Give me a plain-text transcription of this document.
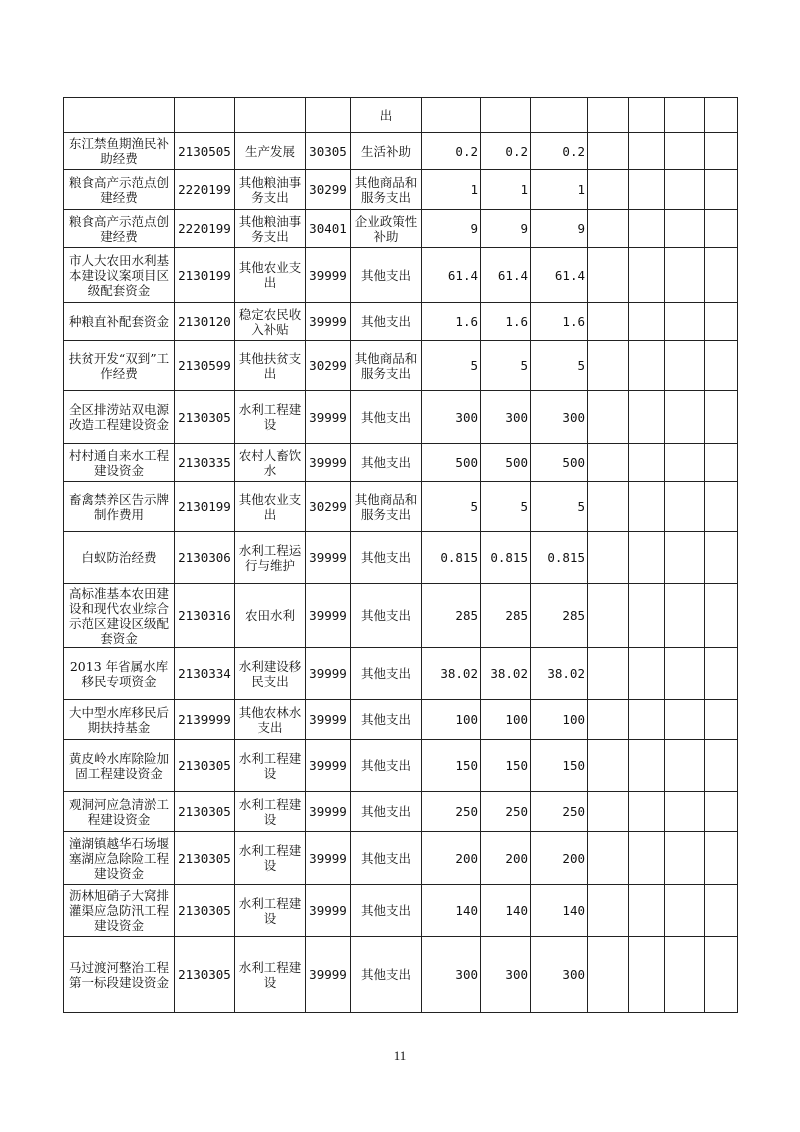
				出							
东江禁鱼期渔民补助经费	2130505	生产发展	30305	生活补助	0.2	0.2	0.2				
粮食高产示范点创建经费	2220199	其他粮油事务支出	30299	其他商品和服务支出	1	1	1				
粮食高产示范点创建经费	2220199	其他粮油事务支出	30401	企业政策性补助	9	9	9				
市人大农田水利基本建设议案项目区级配套资金	2130199	其他农业支出	39999	其他支出	61.4	61.4	61.4				
种粮直补配套资金	2130120	稳定农民收入补贴	39999	其他支出	1.6	1.6	1.6				
扶贫开发“双到”工作经费	2130599	其他扶贫支出	30299	其他商品和服务支出	5	5	5				
全区排涝站双电源改造工程建设资金	2130305	水利工程建设	39999	其他支出	300	300	300				
村村通自来水工程建设资金	2130335	农村人畜饮水	39999	其他支出	500	500	500				
畜禽禁养区告示牌制作费用	2130199	其他农业支出	30299	其他商品和服务支出	5	5	5				
白蚁防治经费	2130306	水利工程运行与维护	39999	其他支出	0.815	0.815	0.815				
高标准基本农田建设和现代农业综合示范区建设区级配套资金	2130316	农田水利	39999	其他支出	285	285	285				
2013 年省属水库移民专项资金	2130334	水利建设移民支出	39999	其他支出	38.02	38.02	38.02				
大中型水库移民后期扶持基金	2139999	其他农林水支出	39999	其他支出	100	100	100				
黄皮岭水库除险加固工程建设资金	2130305	水利工程建设	39999	其他支出	150	150	150				
观洞河应急清淤工程建设资金	2130305	水利工程建设	39999	其他支出	250	250	250				
潼湖镇越华石场堰塞湖应急除险工程建设资金	2130305	水利工程建设	39999	其他支出	200	200	200				
沥林旭硝子大窝排灌渠应急防汛工程建设资金	2130305	水利工程建设	39999	其他支出	140	140	140				
马过渡河整治工程第一标段建设资金	2130305	水利工程建设	39999	其他支出	300	300	300				
11
